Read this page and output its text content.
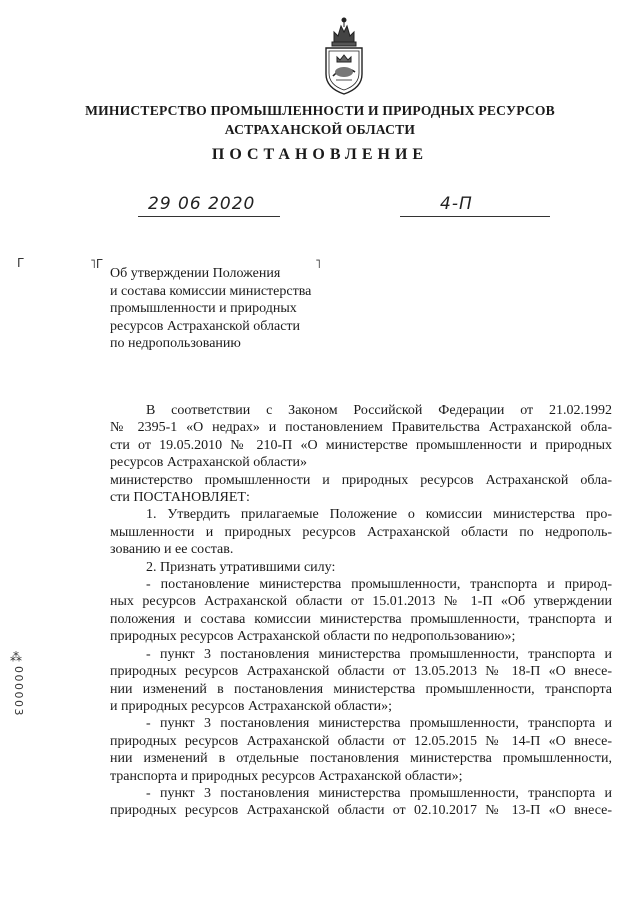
МИНИСТЕРСТВО ПРОМЫШЛЕННОСТИ И ПРИРОДНЫХ РЕСУРСОВ
АСТРАХАНСКОЙ ОБЛАСТИ
ПОСТАНОВЛЕНИЕ
29 06 2020	4-П
Г	˥Г	˥
Об утверждении Положения
и состава комиссии министерства
промышленности и природных
ресурсов Астраханской области
по недропользованию
В соответствии с Законом Российской Федерации от 21.02.1992
№ 2395-1 «О недрах» и постановлением Правительства Астраханской обла-
сти от 19.05.2010 № 210-П «О министерстве промышленности и природных
ресурсов Астраханской области»
министерство промышленности и природных ресурсов Астраханской обла-
сти ПОСТАНОВЛЯЕТ:
1. Утвердить прилагаемые Положение о комиссии министерства про-
мышленности и природных ресурсов Астраханской области по недрополь-
зованию и ее состав.
2. Признать утратившими силу:
- постановление министерства промышленности, транспорта и природ-
ных ресурсов Астраханской области от 15.01.2013 № 1-П «Об утверждении
положения и состава комиссии министерства промышленности, транспорта и
природных ресурсов Астраханской области по недропользованию»;
- пункт 3 постановления министерства промышленности, транспорта и
природных ресурсов Астраханской области от 13.05.2013 № 18-П «О внесе-
нии изменений в постановления министерства промышленности, транспорта
и природных ресурсов Астраханской области»;
- пункт 3 постановления министерства промышленности, транспорта и
природных ресурсов Астраханской области от 12.05.2015 № 14-П «О внесе-
нии изменений в отдельные постановления министерства промышленности,
транспорта и природных ресурсов Астраханской области»;
- пункт 3 постановления министерства промышленности, транспорта и
природных ресурсов Астраханской области от 02.10.2017 № 13-П «О внесе-
⁂
000003
